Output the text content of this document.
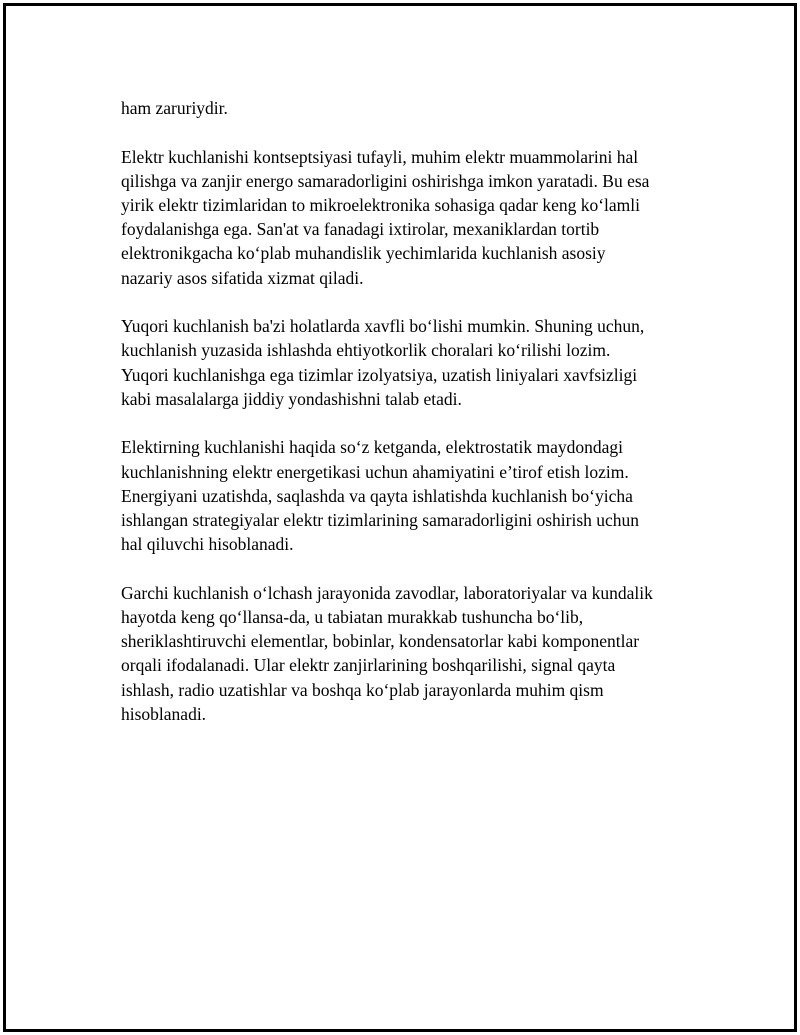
ham zaruriydir.

Elektr kuchlanishi kontseptsiyasi tufayli, muhim elektr muammolarini hal
qilishga va zanjir energo samaradorligini oshirishga imkon yaratadi. Bu esa
yirik elektr tizimlaridan to mikroelektronika sohasiga qadar keng ko‘lamli
foydalanishga ega. San'at va fanadagi ixtirolar, mexaniklardan tortib
elektronikgacha ko‘plab muhandislik yechimlarida kuchlanish asosiy
nazariy asos sifatida xizmat qiladi.

Yuqori kuchlanish ba'zi holatlarda xavfli bo‘lishi mumkin. Shuning uchun,
kuchlanish yuzasida ishlashda ehtiyotkorlik choralari ko‘rilishi lozim.
Yuqori kuchlanishga ega tizimlar izolyatsiya, uzatish liniyalari xavfsizligi
kabi masalalarga jiddiy yondashishni talab etadi.

Elektirning kuchlanishi haqida so‘z ketganda, elektrostatik maydondagi
kuchlanishning elektr energetikasi uchun ahamiyatini e’tirof etish lozim.
Energiyani uzatishda, saqlashda va qayta ishlatishda kuchlanish bo‘yicha
ishlangan strategiyalar elektr tizimlarining samaradorligini oshirish uchun
hal qiluvchi hisoblanadi.

Garchi kuchlanish o‘lchash jarayonida zavodlar, laboratoriyalar va kundalik
hayotda keng qo‘llansa-da, u tabiatan murakkab tushuncha bo‘lib,
sheriklashtiruvchi elementlar, bobinlar, kondensatorlar kabi komponentlar
orqali ifodalanadi. Ular elektr zanjirlarining boshqarilishi, signal qayta
ishlash, radio uzatishlar va boshqa ko‘plab jarayonlarda muhim qism
hisoblanadi.
